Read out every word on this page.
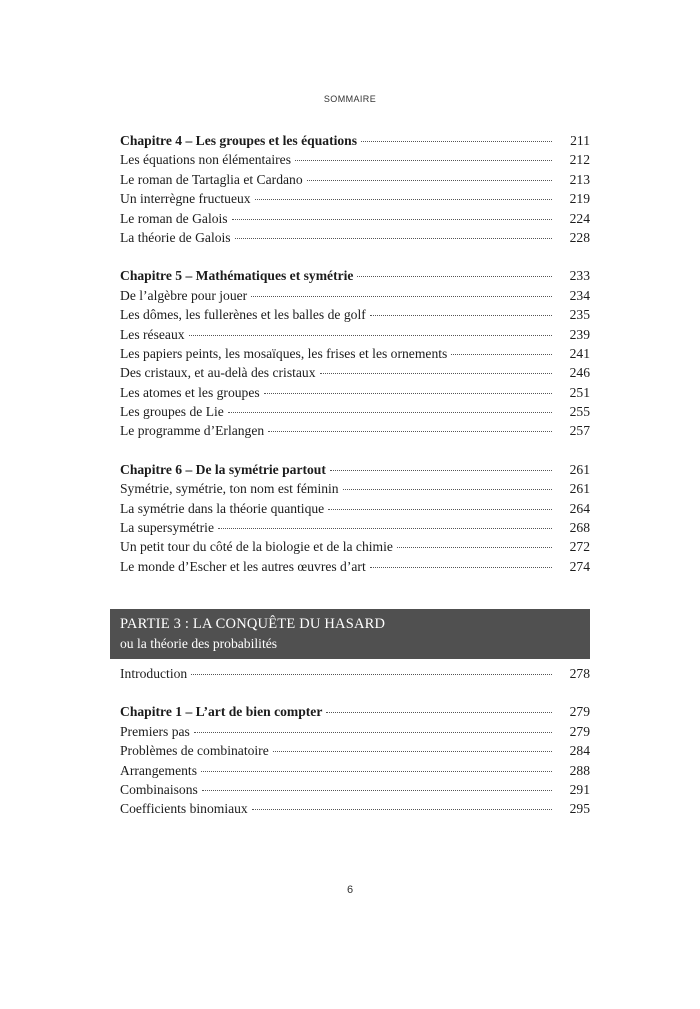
SOMMAIRE
Chapitre 4 – Les groupes et les équations	211
Les équations non élémentaires	212
Le roman de Tartaglia et Cardano	213
Un interrègne fructueux	219
Le roman de Galois	224
La théorie de Galois	228
Chapitre 5 – Mathématiques et symétrie	233
De l’algèbre pour jouer	234
Les dômes, les fullerènes et les balles de golf	235
Les réseaux	239
Les papiers peints, les mosaïques, les frises et les ornements	241
Des cristaux, et au-delà des cristaux	246
Les atomes et les groupes	251
Les groupes de Lie	255
Le programme d’Erlangen	257
Chapitre 6 – De la symétrie partout	261
Symétrie, symétrie, ton nom est féminin	261
La symétrie dans la théorie quantique	264
La supersymétrie	268
Un petit tour du côté de la biologie et de la chimie	272
Le monde d’Escher et les autres œuvres d’art	274
PARTIE 3 : LA CONQUÊTE DU HASARD
ou la théorie des probabilités
Introduction	278
Chapitre 1 – L’art de bien compter	279
Premiers pas	279
Problèmes de combinatoire	284
Arrangements	288
Combinaisons	291
Coefficients binomiaux	295
6
